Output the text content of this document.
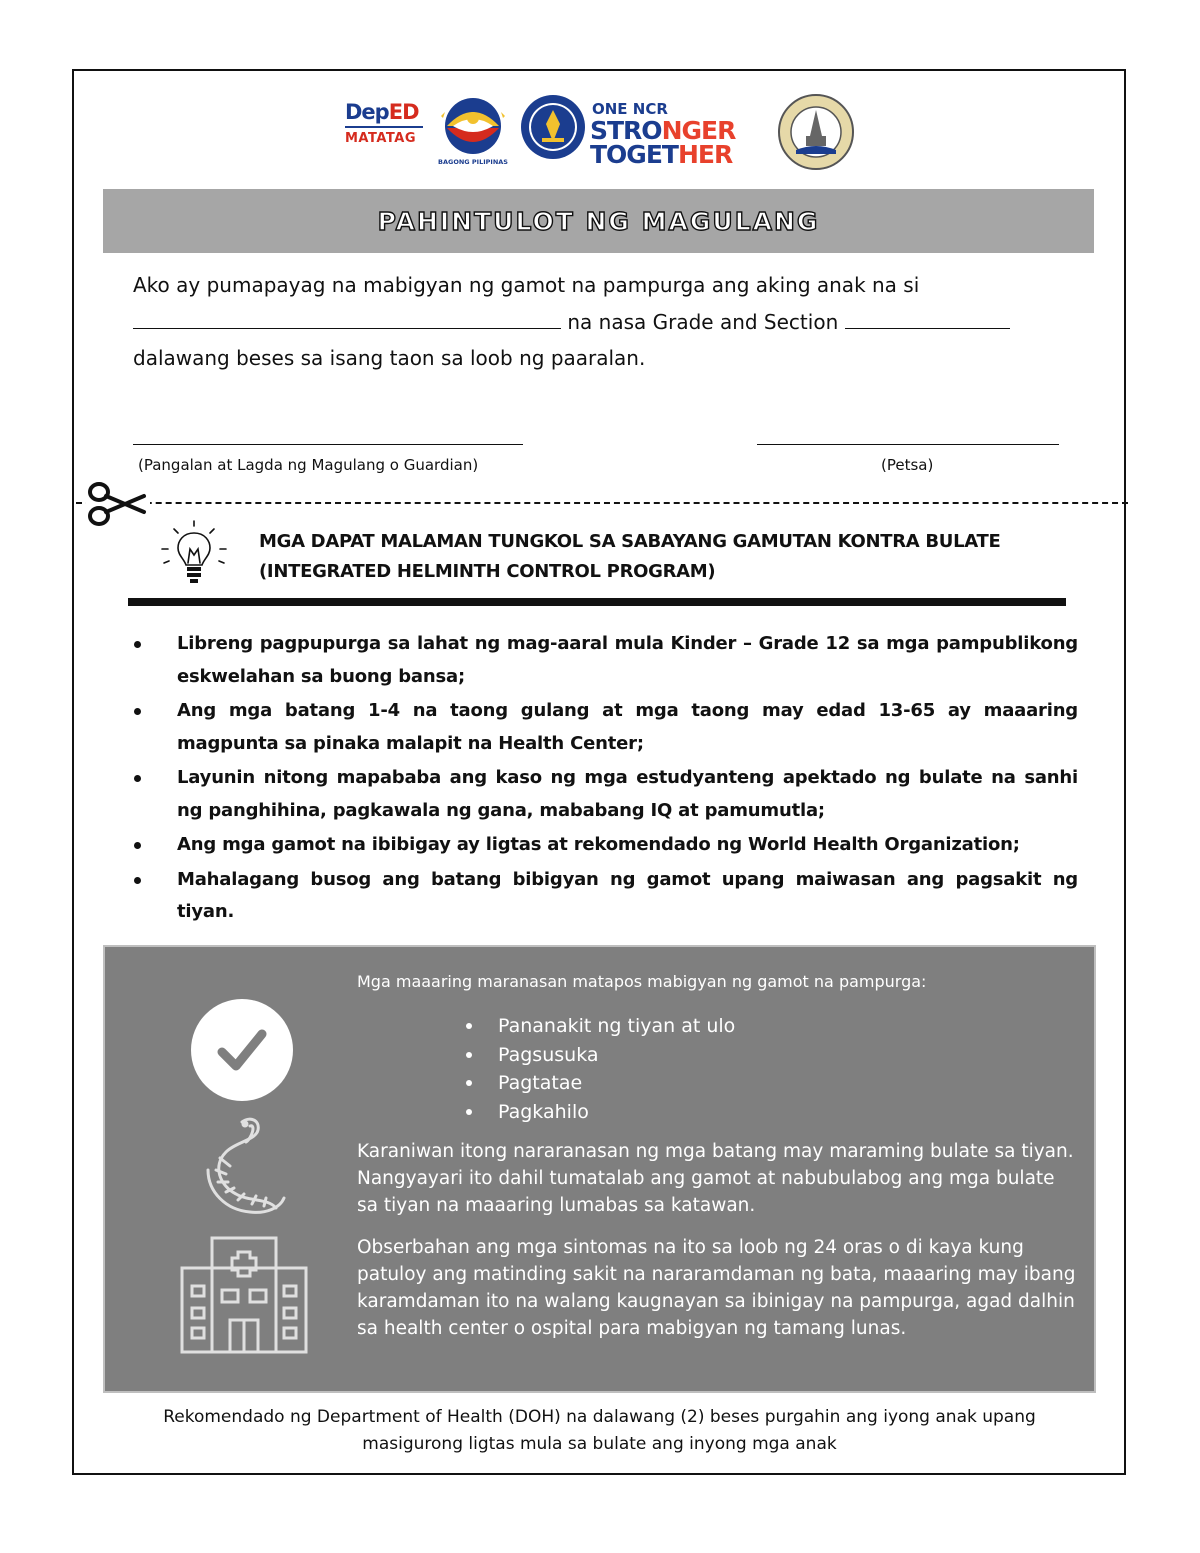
DepED
MATATAG
BAGONG PILIPINAS
ONE NCR
STRONGER
TOGETHER
PAHINTULOT NG MAGULANG
Ako ay pumapayag na mabigyan ng gamot na pampurga ang aking anak na si
na nasa Grade and Section
dalawang beses sa isang taon sa loob ng paaralan.
(Pangalan at Lagda ng Magulang o Guardian)	(Petsa)
MGA DAPAT MALAMAN TUNGKOL SA SABAYANG GAMUTAN KONTRA BULATE
(INTEGRATED HELMINTH CONTROL PROGRAM)
Libreng pagpupurga sa lahat ng mag-aaral mula Kinder – Grade 12 sa mga pampublikong eskwelahan sa buong bansa;
Ang mga batang 1-4 na taong gulang at mga taong may edad 13-65 ay maaaring magpunta sa pinaka malapit na Health Center;
Layunin nitong mapababa ang kaso ng mga estudyanteng apektado ng bulate na sanhi ng panghihina, pagkawala ng gana, mababang IQ at pamumutla;
Ang mga gamot na ibibigay ay ligtas at rekomendado ng World Health Organization;
Mahalagang busog ang batang bibigyan ng gamot upang maiwasan ang pagsakit ng tiyan.
Mga maaaring maranasan matapos mabigyan ng gamot na pampurga:
Pananakit ng tiyan at ulo
Pagsusuka
Pagtatae
Pagkahilo
Karaniwan itong nararanasan ng mga batang may maraming bulate sa tiyan. Nangyayari ito dahil tumatalab ang gamot at nabubulabog ang mga bulate sa tiyan na maaaring lumabas sa katawan.
Obserbahan ang mga sintomas na ito sa loob ng 24 oras o di kaya kung patuloy ang matinding sakit na nararamdaman ng bata, maaaring may ibang karamdaman ito na walang kaugnayan sa ibinigay na pampurga, agad dalhin sa health center o ospital para mabigyan ng tamang lunas.
Rekomendado ng Department of Health (DOH) na dalawang (2) beses purgahin ang iyong anak upang
masigurong ligtas mula sa bulate ang inyong mga anak
